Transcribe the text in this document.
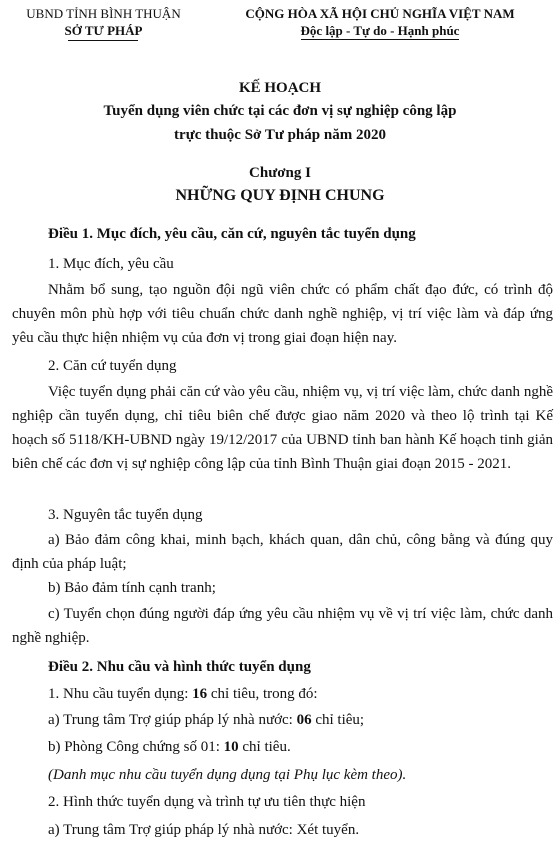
UBND TỈNH BÌNH THUẬN
SỞ TƯ PHÁP
CỘNG HÒA XÃ HỘI CHỦ NGHĨA VIỆT NAM
Độc lập - Tự do - Hạnh phúc
KẾ HOẠCH
Tuyển dụng viên chức tại các đơn vị sự nghiệp công lập
trực thuộc Sở Tư pháp năm 2020
Chương I
NHỮNG QUY ĐỊNH CHUNG

Điều 1. Mục đích, yêu cầu, căn cứ, nguyên tắc tuyển dụng

1. Mục đích, yêu cầu

Nhằm bổ sung, tạo nguồn đội ngũ viên chức có phẩm chất đạo đức, có trình độ chuyên môn phù hợp với tiêu chuẩn chức danh nghề nghiệp, vị trí việc làm và đáp ứng yêu cầu thực hiện nhiệm vụ của đơn vị trong giai đoạn hiện nay.

2. Căn cứ tuyển dụng

Việc tuyển dụng phải căn cứ vào yêu cầu, nhiệm vụ, vị trí việc làm, chức danh nghề nghiệp cần tuyển dụng, chỉ tiêu biên chế được giao năm 2020 và theo lộ trình tại Kế hoạch số 5118/KH-UBND ngày 19/12/2017 của UBND tỉnh ban hành Kế hoạch tinh giản biên chế các đơn vị sự nghiệp công lập của tỉnh Bình Thuận giai đoạn 2015 - 2021.

3. Nguyên tắc tuyển dụng

a) Bảo đảm công khai, minh bạch, khách quan, dân chủ, công bằng và đúng quy định của pháp luật;

b) Bảo đảm tính cạnh tranh;

c) Tuyển chọn đúng người đáp ứng yêu cầu nhiệm vụ về vị trí việc làm, chức danh nghề nghiệp.

Điều 2. Nhu cầu và hình thức tuyển dụng

1. Nhu cầu tuyển dụng: 16 chỉ tiêu, trong đó:

a) Trung tâm Trợ giúp pháp lý nhà nước: 06 chỉ tiêu;

b) Phòng Công chứng số 01: 10 chỉ tiêu.

(Danh mục nhu cầu tuyển dụng dụng tại Phụ lục kèm theo).

2. Hình thức tuyển dụng và trình tự ưu tiên thực hiện

a) Trung tâm Trợ giúp pháp lý nhà nước: Xét tuyển.
